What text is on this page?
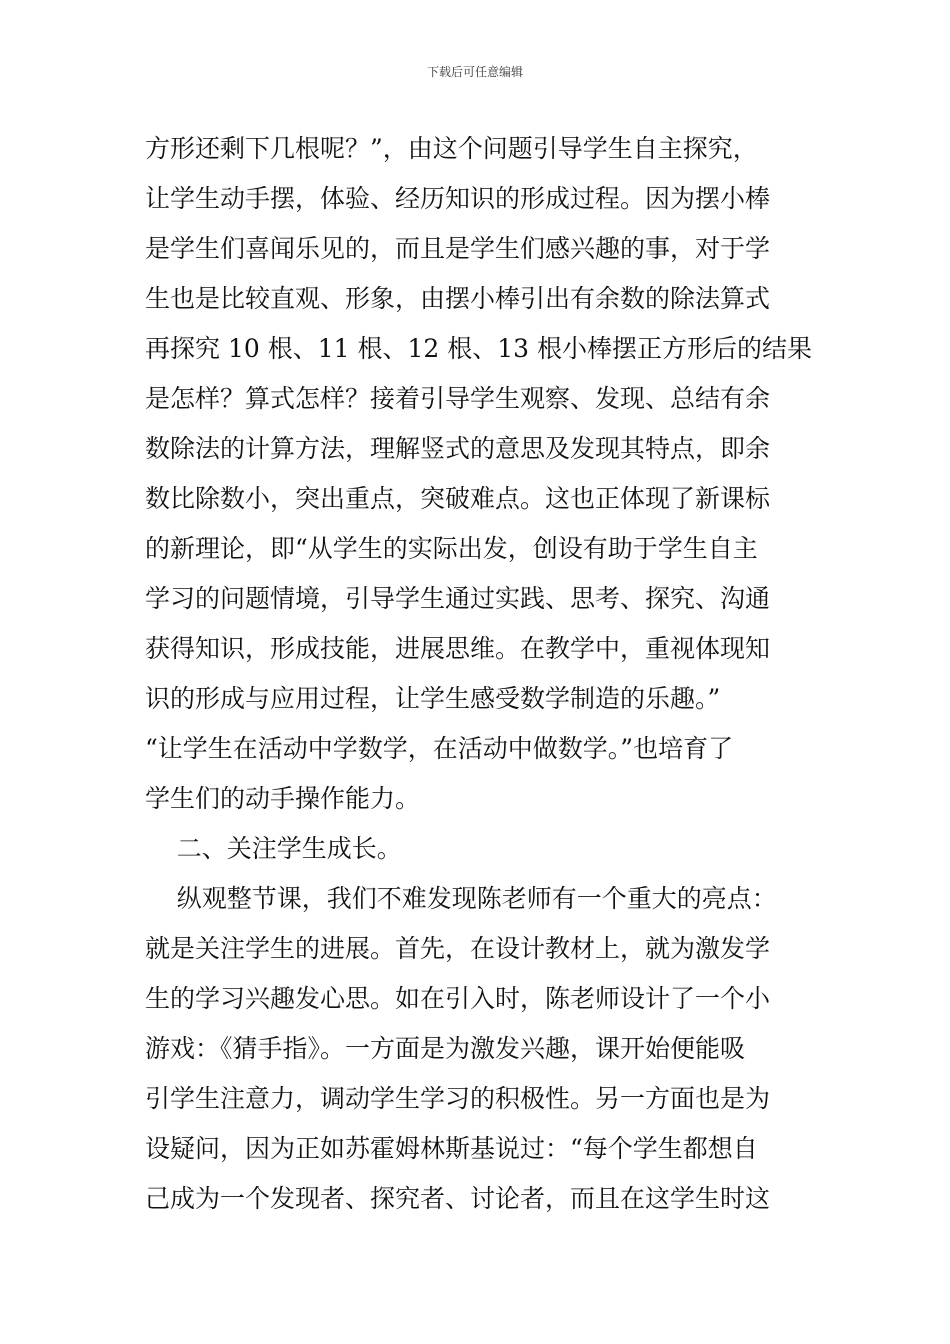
下载后可任意编辑
方形还剩下几根呢？”，由这个问题引导学生自主探究，
让学生动手摆，体验、经历知识的形成过程。因为摆小棒
是学生们喜闻乐见的，而且是学生们感兴趣的事，对于学
生也是比较直观、形象，由摆小棒引出有余数的除法算式
再探究 10 根、11 根、12 根、13 根小棒摆正方形后的结果
是怎样？算式怎样？接着引导学生观察、发现、总结有余
数除法的计算方法，理解竖式的意思及发现其特点，即余
数比除数小，突出重点，突破难点。这也正体现了新课标
的新理论，即“从学生的实际出发，创设有助于学生自主
学习的问题情境，引导学生通过实践、思考、探究、沟通
获得知识，形成技能，进展思维。在教学中，重视体现知
识的形成与应用过程，让学生感受数学制造的乐趣。”
“让学生在活动中学数学，在活动中做数学。”也培育了
学生们的动手操作能力。
二、关注学生成长。
纵观整节课，我们不难发现陈老师有一个重大的亮点：
就是关注学生的进展。首先，在设计教材上，就为激发学
生的学习兴趣发心思。如在引入时，陈老师设计了一个小
游戏：《猜手指》。一方面是为激发兴趣，课开始便能吸
引学生注意力，调动学生学习的积极性。另一方面也是为
设疑问，因为正如苏霍姆林斯基说过：“每个学生都想自
己成为一个发现者、探究者、讨论者，而且在这学生时这
